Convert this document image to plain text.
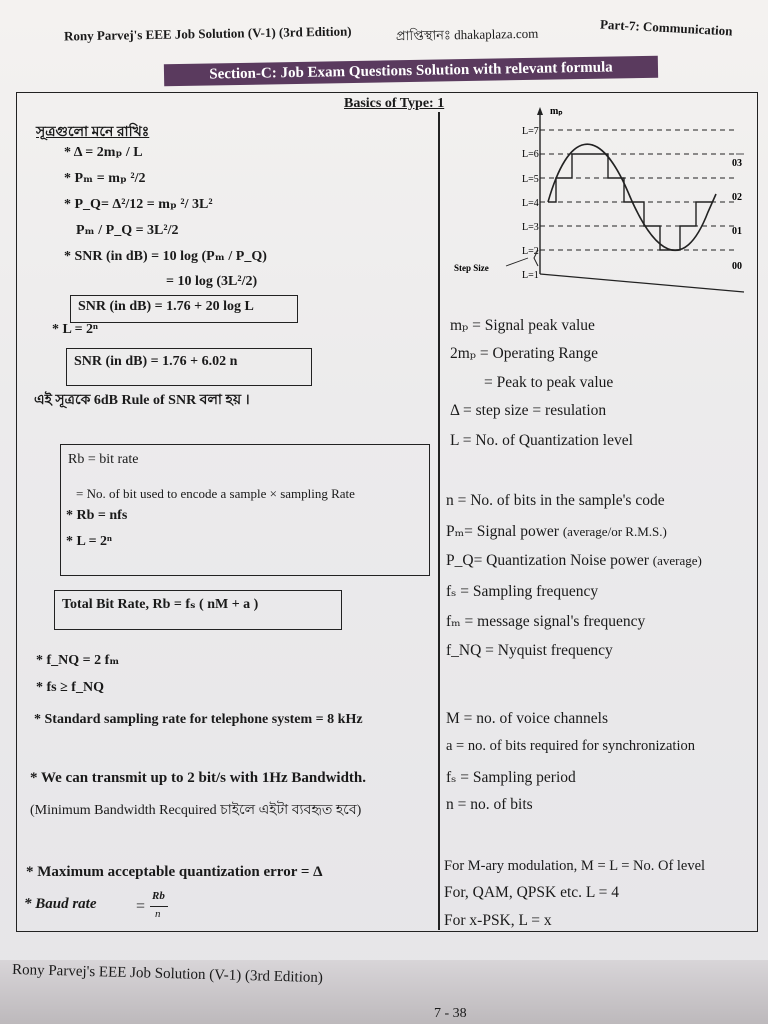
Rony Parvej's EEE Job Solution (V-1) (3rd Edition)	প্রাপ্তিস্থানঃ dhakaplaza.com	Part-7: Communication
Section-C: Job Exam Questions Solution with relevant formula
Basics of Type: 1
সূত্রগুলো মনে রাখিঃ
* Δ = 2mₚ / L
* Pₘ = mₚ ²/2
* P_Q= Δ²/12 = mₚ ²/ 3L²
Pₘ / P_Q = 3L²/2
* SNR (in dB) = 10 log (Pₘ / P_Q)
= 10 log (3L²/2)
SNR (in dB) = 1.76 + 20 log L
* L = 2ⁿ
SNR (in dB) = 1.76 + 6.02 n
এই সূত্রকে 6dB Rule of SNR বলা হয় ।
Rb = bit rate
= No. of bit used to encode a sample × sampling Rate
* Rb = nfs
* L = 2ⁿ
Total Bit Rate, Rb = fₛ ( nM + a )
* f_NQ = 2 fₘ
* fs ≥ f_NQ
* Standard sampling rate for telephone system = 8 kHz
* We can transmit up to 2 bit/s with 1Hz Bandwidth.
(Minimum Bandwidth Recquired চাইলে এইটা ব্যবহৃত হবে)
* Maximum acceptable quantization error = Δ
* Baud rate =
Rb
n
mₚ
L=7
L=6
L=5
L=4
L=3
L=2
L=1
03
02
01
00
Step Size
mₚ = Signal peak value
2mₚ = Operating Range
= Peak to peak value
Δ = step size = resulation
L = No. of Quantization level
n = No. of bits in the sample's code
Pₘ= Signal power (average/or R.M.S.)
P_Q= Quantization Noise power (average)
fₛ = Sampling frequency
fₘ = message signal's frequency
f_NQ = Nyquist frequency
M = no. of voice channels
a = no. of bits required for synchronization
fₛ = Sampling period
n = no. of bits
For M-ary modulation, M = L = No. Of level
For, QAM, QPSK etc. L = 4
For x-PSK, L = x
Rony Parvej's EEE Job Solution (V-1) (3rd Edition)
7 - 38
